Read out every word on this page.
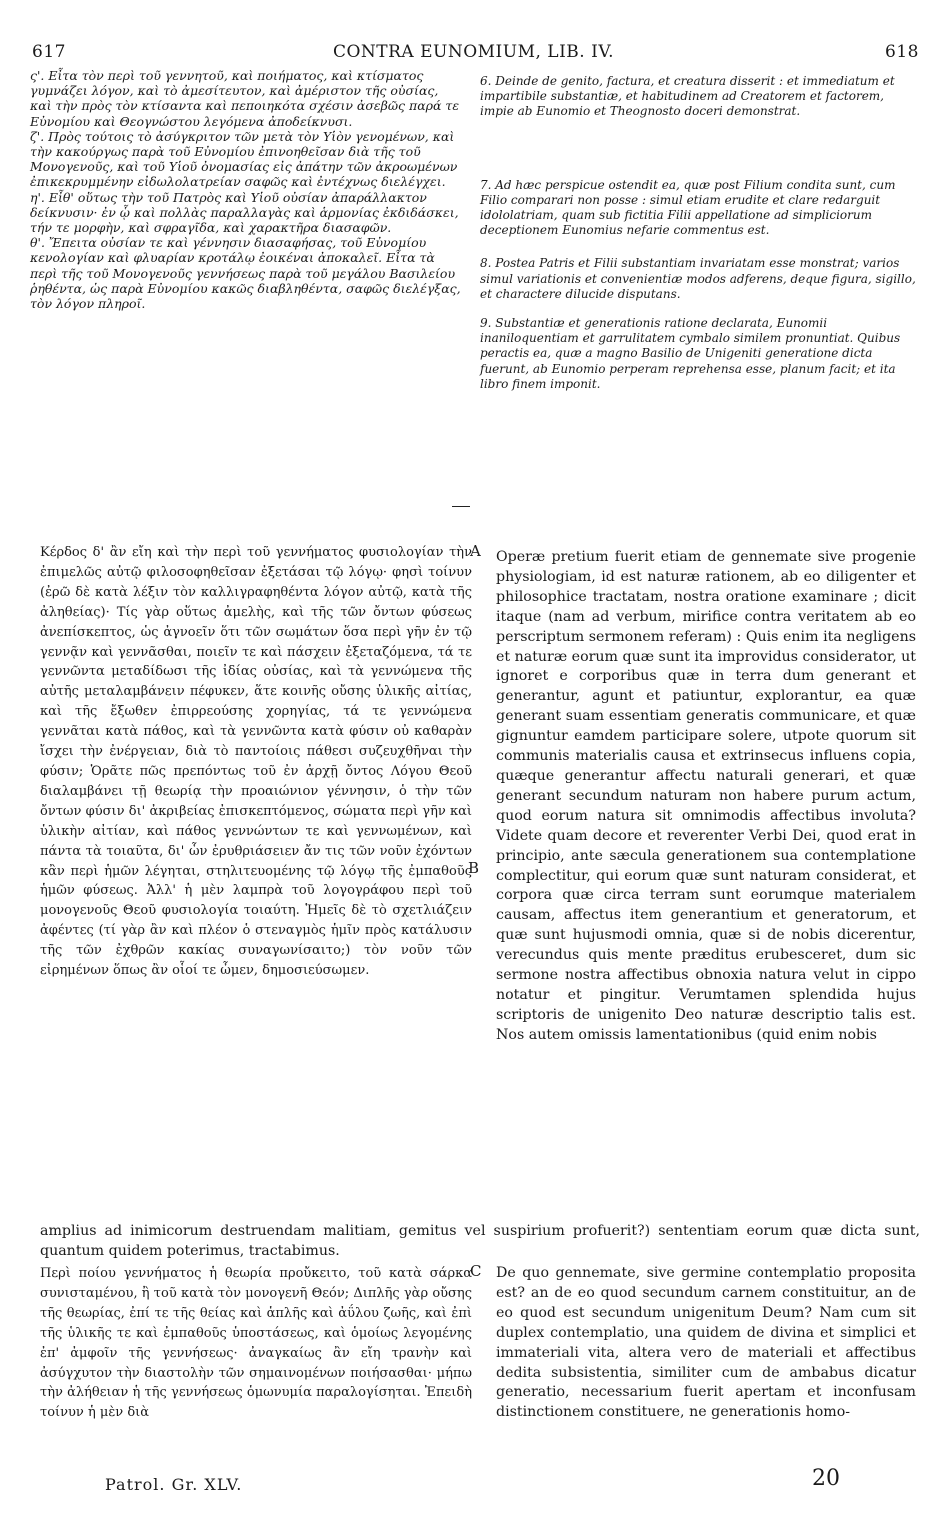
617	CONTRA EUNOMIUM, LIB. IV.	618

ς'. Εἶτα τὸν περὶ τοῦ γεννητοῦ, καὶ ποιήματος, καὶ κτίσματος γυμνάζει λόγον, καὶ τὸ ἀμεσίτευτον, καὶ ἀμέριστον τῆς οὐσίας, καὶ τὴν πρὸς τὸν κτίσαντα καὶ πεποιηκότα σχέσιν ἀσεβῶς παρά τε Εὐνομίου καὶ Θεογνώστου λεγόμενα ἀποδείκνυσι.

ζ'. Πρὸς τούτοις τὸ ἀσύγκριτον τῶν μετὰ τὸν Υἱὸν γενομένων, καὶ τὴν κακούργως παρὰ τοῦ Εὐνομίου ἐπινοηθεῖσαν διὰ τῆς τοῦ Μονογενοῦς, καὶ τοῦ Υἱοῦ ὀνομασίας εἰς ἀπάτην τῶν ἀκροωμένων ἐπικεκρυμμένην εἰδωλολατρείαν σαφῶς καὶ ἐντέχνως διελέγχει.

η'. Εἶθ' οὕτως τὴν τοῦ Πατρὸς καὶ Υἱοῦ οὐσίαν ἀπαράλλακτον δείκνυσιν· ἐν ᾧ καὶ πολλὰς παραλλαγὰς καὶ ἁρμονίας ἐκδιδάσκει, τήν τε μορφὴν, καὶ σφραγῖδα, καὶ χαρακτῆρα διασαφῶν.

θ'. Ἔπειτα οὐσίαν τε καὶ γέννησιν διασαφήσας, τοῦ Εὐνομίου κενολογίαν καὶ φλυαρίαν κροτάλῳ ἐοικέναι ἀποκαλεῖ. Εἶτα τὰ περὶ τῆς τοῦ Μονογενοῦς γεννήσεως παρὰ τοῦ μεγάλου Βασιλείου ῥηθέντα, ὡς παρὰ Εὐνομίου κακῶς διαβληθέντα, σαφῶς διελέγξας, τὸν λόγον πληροῖ.

6. Deinde de genito, factura, et creatura disserit : et immediatum et impartibile substantiæ, et habitudinem ad Creatorem et factorem, impie ab Eunomio et Theognosto doceri demonstrat.

7. Ad hæc perspicue ostendit ea, quæ post Filium condita sunt, cum Filio comparari non posse : simul etiam erudite et clare redarguit idololatriam, quam sub fictitia Filii appellatione ad simpliciorum deceptionem Eunomius nefarie commentus est.

8. Postea Patris et Filii substantiam invariatam esse monstrat; varios simul variationis et convenientiæ modos adferens, deque figura, sigillo, et charactere dilucide disputans.

9. Substantiæ et generationis ratione declarata, Eunomii inaniloquentiam et garrulitatem cymbalo similem pronuntiat. Quibus peractis ea, quæ a magno Basilio de Unigeniti generatione dicta fuerunt, ab Eunomio perperam reprehensa esse, planum facit; et ita libro finem imponit.

Κέρδος δ' ἂν εἴη καὶ τὴν περὶ τοῦ γεννήματος φυσιολογίαν τὴν ἐπιμελῶς αὐτῷ φιλοσοφηθεῖσαν ἐξετάσαι τῷ λόγῳ· φησὶ τοίνυν (ἐρῶ δὲ κατὰ λέξιν τὸν καλλιγραφηθέντα λόγον αὐτῷ, κατὰ τῆς ἀληθείας)· Τίς γὰρ οὕτως ἀμελὴς, καὶ τῆς τῶν ὄντων φύσεως ἀνεπίσκεπτος, ὡς ἀγνοεῖν ὅτι τῶν σωμάτων ὅσα περὶ γῆν ἐν τῷ γεννᾷν καὶ γεννᾶσθαι, ποιεῖν τε καὶ πάσχειν ἐξεταζόμενα, τά τε γεννῶντα μεταδίδωσι τῆς ἰδίας οὐσίας, καὶ τὰ γεννώμενα τῆς αὐτῆς μεταλαμβάνειν πέφυκεν, ἅτε κοινῆς οὔσης ὑλικῆς αἰτίας, καὶ τῆς ἔξωθεν ἐπιρρεούσης χορηγίας, τά τε γεννώμενα γεννᾶται κατὰ πάθος, καὶ τὰ γεννῶντα κατὰ φύσιν οὐ καθαρὰν ἴσχει τὴν ἐνέργειαν, διὰ τὸ παντοίοις πάθεσι συζευχθῆναι τὴν φύσιν; Ὁρᾶτε πῶς πρεπόντως τοῦ ἐν ἀρχῇ ὄντος Λόγου Θεοῦ διαλαμβάνει τῇ θεωρίᾳ τὴν προαιώνιον γέννησιν, ὁ τὴν τῶν ὄντων φύσιν δι' ἀκριβείας ἐπισκεπτόμενος, σώματα περὶ γῆν καὶ ὑλικὴν αἰτίαν, καὶ πάθος γεννώντων τε καὶ γεννωμένων, καὶ πάντα τὰ τοιαῦτα, δι' ὧν ἐρυθριάσειεν ἄν τις τῶν νοῦν ἐχόντων κἂν περὶ ἡμῶν λέγηται, στηλιτευομένης τῷ λόγῳ τῆς ἐμπαθοῦς ἡμῶν φύσεως. Ἀλλ' ἡ μὲν λαμπρὰ τοῦ λογογράφου περὶ τοῦ μονογενοῦς Θεοῦ φυσιολογία τοιαύτη. Ἡμεῖς δὲ τὸ σχετλιάζειν ἀφέντες (τί γὰρ ἂν καὶ πλέον ὁ στεναγμὸς ἡμῖν πρὸς κατάλυσιν τῆς τῶν ἐχθρῶν κακίας συναγωνίσαιτο;) τὸν νοῦν τῶν εἰρημένων ὅπως ἂν οἷοί τε ὦμεν, δημοσιεύσωμεν.

A Operæ pretium fuerit etiam de gennemate sive progenie physiologiam, id est naturæ rationem, ab eo diligenter et philosophice tractatam, nostra oratione examinare ; dicit itaque (nam ad verbum, mirifice contra veritatem ab eo perscriptum sermonem referam) : Quis enim ita negligens et naturæ eorum quæ sunt ita improvidus considerator, ut ignoret e corporibus quæ in terra dum generant et generantur, agunt et patiuntur, explorantur, ea quæ generant suam essentiam generatis communicare, et quæ gignuntur eamdem participare solere, utpote quorum sit communis materialis causa et extrinsecus influens copia, quæque generantur affectu naturali generari, et quæ generant secundum naturam non habere purum actum, quod eorum natura sit omnimodis affectibus involuta? Videte quam decore et reverenter Verbi Dei, quod erat in principio, ante sæcula generationem sua contemplatione complectitur, qui eorum quæ sunt naturam considerat, et corpora quæ circa terram sunt eorumque materialem causam, affectus item generantium et generatorum, et quæ sunt hujusmodi omnia, quæ si de nobis dicerentur, verecundus quis mente præditus erubesceret, dum sic sermone nostra affectibus obnoxia natura velut in cippo notatur et pingitur. Verumtamen splendida hujus scriptoris de unigenito Deo naturæ descriptio talis est. Nos autem omissis lamentationibus (quid enim nobis

B

amplius ad inimicorum destruendam malitiam, gemitus vel suspirium profuerit?) sententiam eorum quæ dicta sunt, quantum quidem poterimus, tractabimus.

Περὶ ποίου γεννήματος ἡ θεωρία προὔκειτο, τοῦ κατὰ σάρκα συνισταμένου, ἢ τοῦ κατὰ τὸν μονογενῆ Θεόν; Διπλῆς γὰρ οὔσης τῆς θεωρίας, ἐπί τε τῆς θείας καὶ ἁπλῆς καὶ ἀΰλου ζωῆς, καὶ ἐπὶ τῆς ὑλικῆς τε καὶ ἐμπαθοῦς ὑποστάσεως, καὶ ὁμοίως λεγομένης ἐπ' ἀμφοῖν τῆς γεννήσεως· ἀναγκαίως ἂν εἴη τρανὴν καὶ ἀσύγχυτον τὴν διαστολὴν τῶν σημαινομένων ποιήσασθαι· μήπω τὴν ἀλήθειαν ἡ τῆς γεννήσεως ὁμωνυμία παραλογίσηται. Ἐπειδὴ τοίνυν ἡ μὲν διὰ

C De quo gennemate, sive germine contemplatio proposita est? an de eo quod secundum carnem constituitur, an de eo quod est secundum unigenitum Deum? Nam cum sit duplex contemplatio, una quidem de divina et simplici et immateriali vita, altera vero de materiali et affectibus dedita subsistentia, similiter cum de ambabus dicatur generatio, necessarium fuerit apertam et inconfusam distinctionem constituere, ne generationis homo-

Patrol. Gr. XLV.	20
